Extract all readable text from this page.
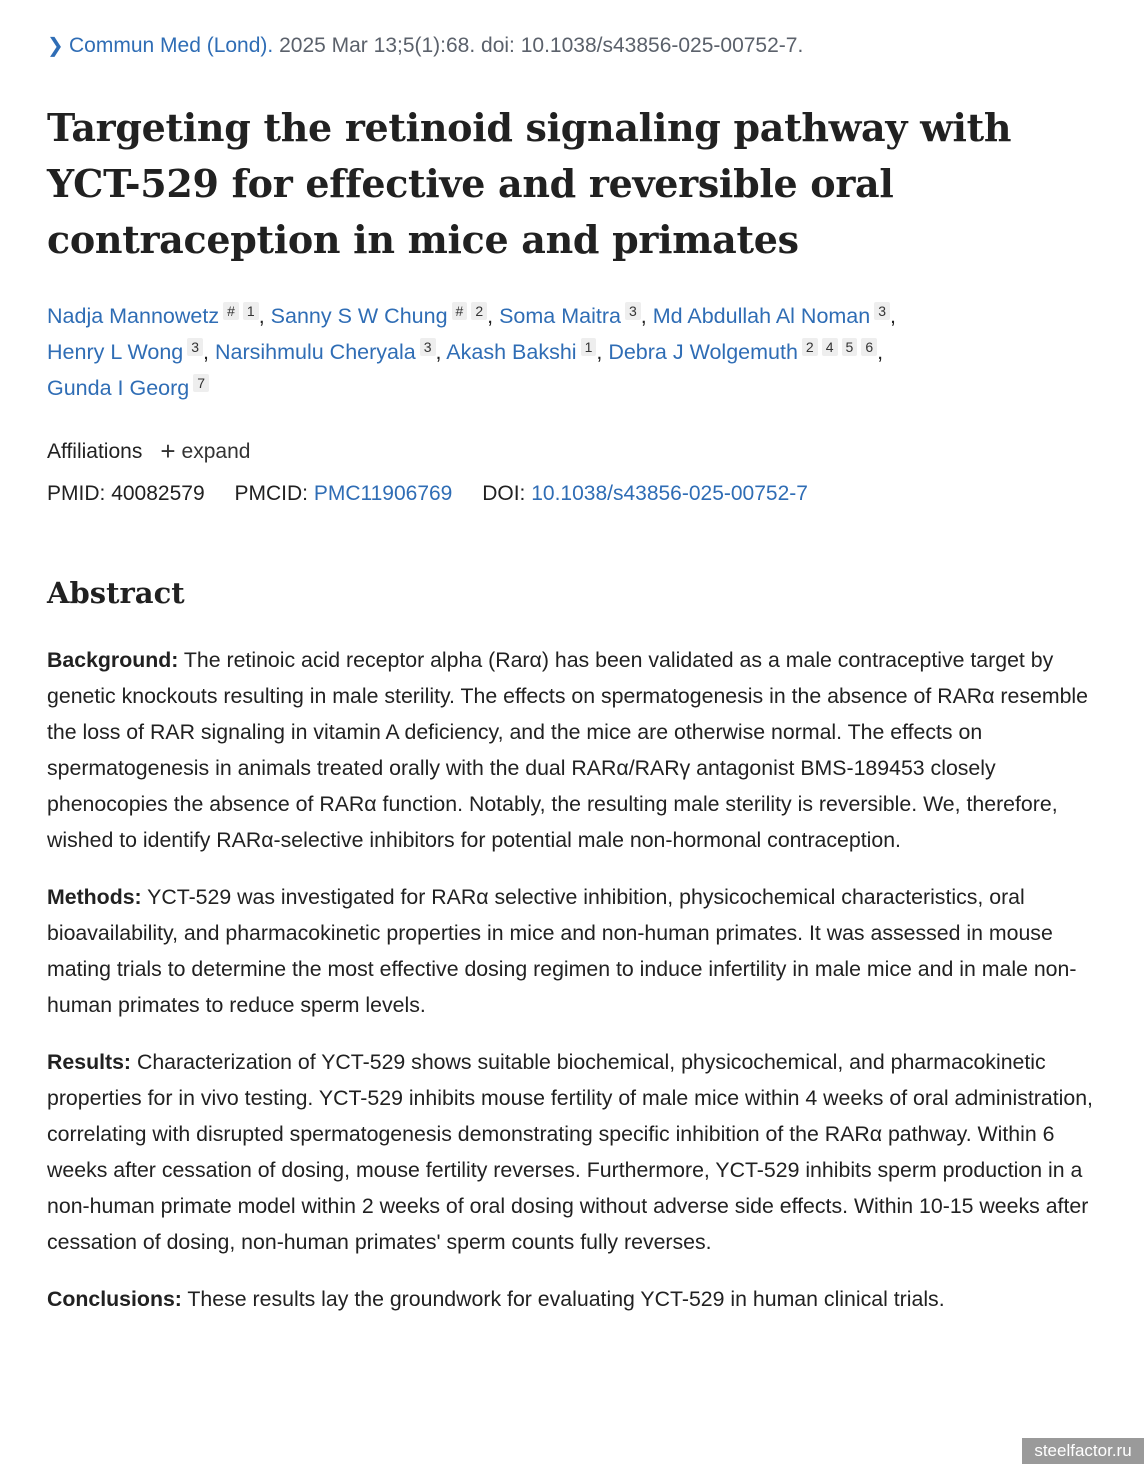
❯ Commun Med (Lond). 2025 Mar 13;5(1):68. doi: 10.1038/s43856-025-00752-7.
Targeting the retinoid signaling pathway with YCT-529 for effective and reversible oral contraception in mice and primates
Nadja Mannowetz # 1 , Sanny S W Chung # 2 , Soma Maitra 3 , Md Abdullah Al Noman 3 ,
Henry L Wong 3 , Narsihmulu Cheryala 3 , Akash Bakshi 1 , Debra J Wolgemuth 2 4 5 6 ,
Gunda I Georg 7
Affiliations + expand
PMID: 40082579 PMCID: PMC11906769 DOI: 10.1038/s43856-025-00752-7
Abstract

Background: The retinoic acid receptor alpha (Rarα) has been validated as a male contraceptive target by genetic knockouts resulting in male sterility. The effects on spermatogenesis in the absence of RARα resemble the loss of RAR signaling in vitamin A deficiency, and the mice are otherwise normal. The effects on spermatogenesis in animals treated orally with the dual RARα/RARγ antagonist BMS-189453 closely phenocopies the absence of RARα function. Notably, the resulting male sterility is reversible. We, therefore, wished to identify RARα-selective inhibitors for potential male non-hormonal contraception.

Methods: YCT-529 was investigated for RARα selective inhibition, physicochemical characteristics, oral bioavailability, and pharmacokinetic properties in mice and non-human primates. It was assessed in mouse mating trials to determine the most effective dosing regimen to induce infertility in male mice and in male non-human primates to reduce sperm levels.

Results: Characterization of YCT-529 shows suitable biochemical, physicochemical, and pharmacokinetic properties for in vivo testing. YCT-529 inhibits mouse fertility of male mice within 4 weeks of oral administration, correlating with disrupted spermatogenesis demonstrating specific inhibition of the RARα pathway. Within 6 weeks after cessation of dosing, mouse fertility reverses. Furthermore, YCT-529 inhibits sperm production in a non-human primate model within 2 weeks of oral dosing without adverse side effects. Within 10-15 weeks after cessation of dosing, non-human primates' sperm counts fully reverses.

Conclusions: These results lay the groundwork for evaluating YCT-529 in human clinical trials.

steelfactor.ru
